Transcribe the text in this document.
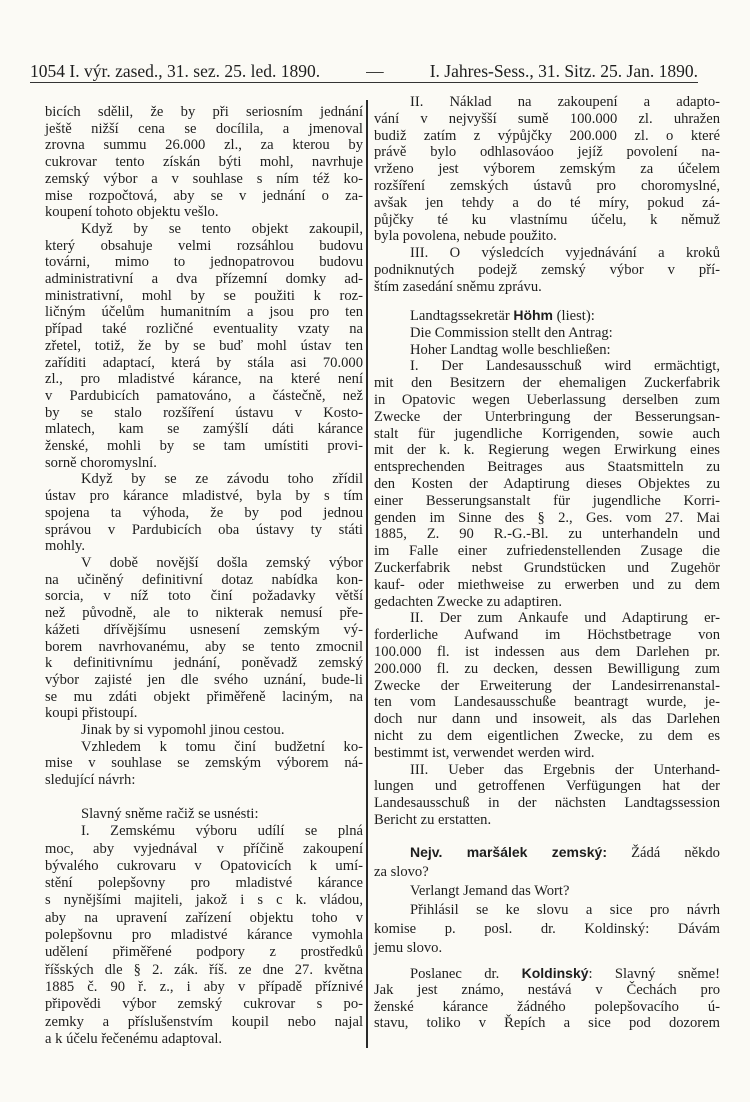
1054 I. výr. zased., 31. sez. 25. led. 1890.	—	I. Jahres-Sess., 31. Sitz. 25. Jan. 1890.
bicích sdělil, že by při seriosním jednání
ještě nižší cena se docílila, a jmenoval
zrovna summu 26.000 zl., za kterou by
cukrovar tento získán býti mohl, navrhuje
zemský výbor a v souhlase s ním též ko-
mise rozpočtová, aby se v jednání o za-
koupení tohoto objektu vešlo.
Když by se tento objekt zakoupil,
který obsahuje velmi rozsáhlou budovu
továrni, mimo to jednopatrovou budovu
administrativní a dva přízemní domky ad-
ministrativní, mohl by se použiti k roz-
ličným účelům humanitním a jsou pro ten
případ také rozličné eventuality vzaty na
zřetel, totiž, že by se buď mohl ústav ten
zaříditi adaptací, která by stála asi 70.000
zl., pro mladistvé kárance, na které není
v Pardubicích pamatováno, a částečně, než
by se stalo rozšíření ústavu v Kosto-
mlatech, kam se zamýšlí dáti kárance
ženské, mohli by se tam umístiti provi-
sorně choromyslní.
Když by se ze závodu toho zřídil
ústav pro kárance mladistvé, byla by s tím
spojena ta výhoda, že by pod jednou
správou v Pardubicích oba ústavy ty státi
mohly.
V době novější došla zemský výbor
na učiněný definitivní dotaz nabídka kon-
sorcia, v níž toto činí požadavky větší
než původně, ale to nikterak nemusí pře-
kážeti dřívějšímu usnesení zemským vý-
borem navrhovanému, aby se tento zmocnil
k definitivnímu jednání, poněvadž zemský
výbor zajisté jen dle svého uznání, bude-li
se mu zdáti objekt přiměřeně laciným, na
koupi přistoupí.
Jinak by si vypomohl jinou cestou.
Vzhledem k tomu činí budžetní ko-
mise v souhlase se zemským výborem ná-
sledující návrh:
Slavný sněme račiž se usnésti:
I. Zemskému výboru udílí se plná
moc, aby vyjednával v příčině zakoupení
bývalého cukrovaru v Opatovicích k umí-
stění polepšovny pro mladistvé kárance
s nynějšími majiteli, jakož i s c k. vládou,
aby na upravení zařízení objektu toho v
polepšovnu pro mladistvé kárance vymohla
udělení přiměřené podpory z prostředků
říšských dle § 2. zák. říš. ze dne 27. května
1885 č. 90 ř. z., i aby v případě příznivé
připovědi výbor zemský cukrovar s po-
zemky a příslušenstvím koupil nebo najal
a k účelu řečenému adaptoval.
II. Náklad na zakoupení a adapto-
vání v nejvyšší sumě 100.000 zl. uhražen
budiž zatím z výpůjčky 200.000 zl. o které
právě bylo odhlasováoo jejíž povolení na-
vrženo jest výborem zemským za účelem
rozšíření zemských ústavů pro choromyslné,
avšak jen tehdy a do té míry, pokud zá-
půjčky té ku vlastnímu účelu, k němuž
byla povolena, nebude použito.
III. O výsledcích vyjednávání a kroků
podniknutých podejž zemský výbor v pří-
štím zasedání sněmu zprávu.
Landtagssekretär Höhm (liest):
Die Commission stellt den Antrag:
Hoher Landtag wolle beschließen:
I. Der Landesausschuß wird ermächtigt,
mit den Besitzern der ehemaligen Zuckerfabrik
in Opatovic wegen Ueberlassung derselben zum
Zwecke der Unterbringung der Besserungsan-
stalt für jugendliche Korrigenden, sowie auch
mit der k. k. Regierung wegen Erwirkung eines
entsprechenden Beitrages aus Staatsmitteln zu
den Kosten der Adaptirung dieses Objektes zu
einer Besserungsanstalt für jugendliche Korri-
genden im Sinne des § 2., Ges. vom 27. Mai
1885, Z. 90 R.-G.-Bl. zu unterhandeln und
im Falle einer zufriedenstellenden Zusage die
Zuckerfabrik nebst Grundstücken und Zugehör
kauf- oder miethweise zu erwerben und zu dem
gedachten Zwecke zu adaptiren.
II. Der zum Ankaufe und Adaptirung er-
forderliche Aufwand im Höchstbetrage von
100.000 fl. ist indessen aus dem Darlehen pr.
200.000 fl. zu decken, dessen Bewilligung zum
Zwecke der Erweiterung der Landesirrenanstal-
ten vom Landesausschuße beantragt wurde, je-
doch nur dann und insoweit, als das Darlehen
nicht zu dem eigentlichen Zwecke, zu dem es
bestimmt ist, verwendet werden wird.
III. Ueber das Ergebnis der Unterhand-
lungen und getroffenen Verfügungen hat der
Landesausschuß in der nächsten Landtagssession
Bericht zu erstatten.
Nejv. maršálek zemský: Žádá někdo
za slovo?
Verlangt Jemand das Wort?
Přihlásil se ke slovu a sice pro návrh
komise p. posl. dr. Koldinský: Dávám
jemu slovo.
Poslanec dr. Koldinský: Slavný sněme!
Jak jest známo, nestává v Čechách pro
ženské kárance žádného polepšovacího ú-
stavu, toliko v Řepích a sice pod dozorem
